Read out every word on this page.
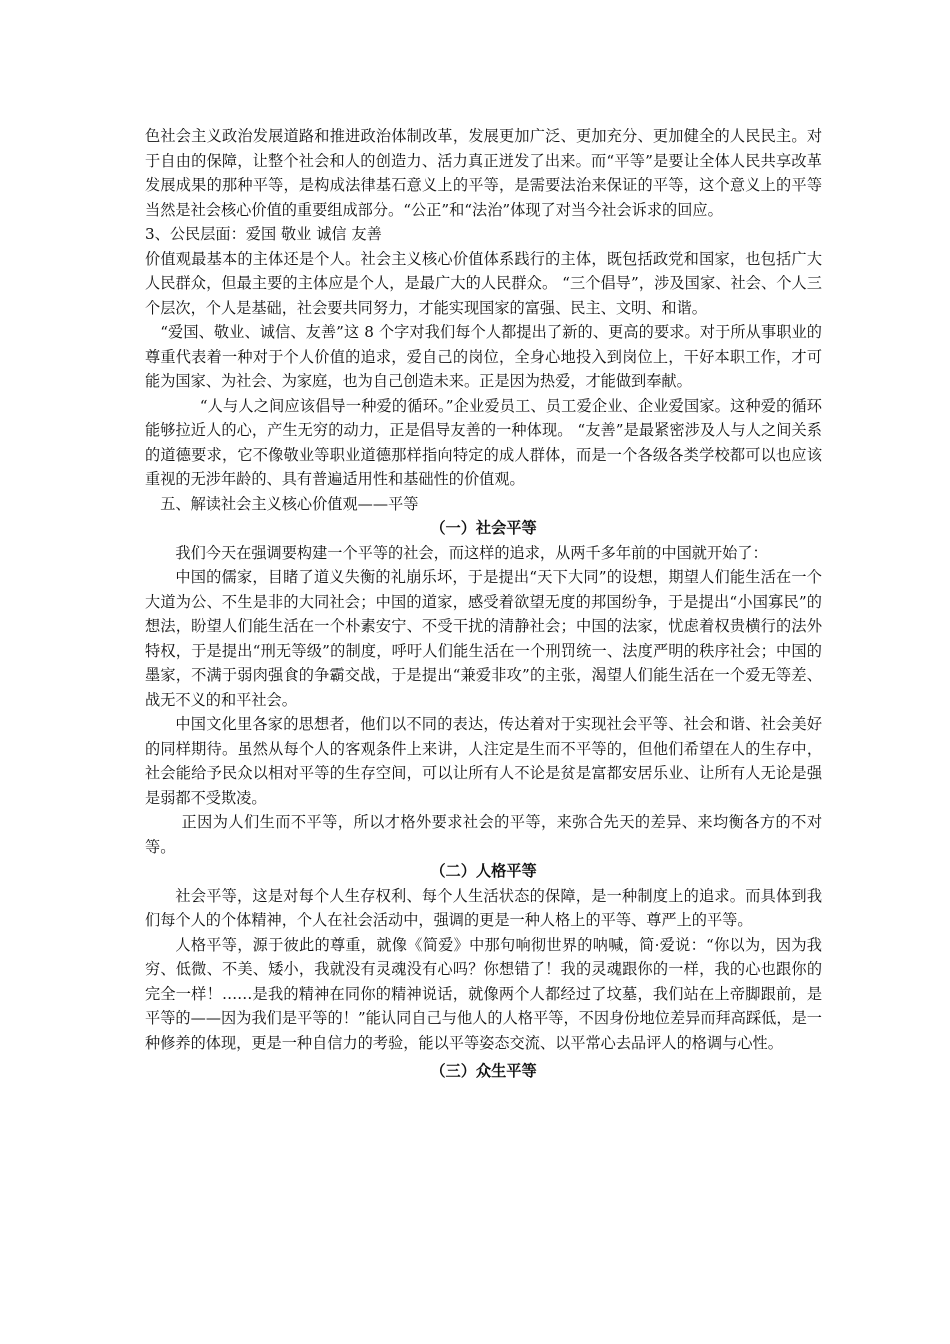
色社会主义政治发展道路和推进政治体制改革，发展更加广泛、更加充分、更加健全的人民民主。对于自由的保障，让整个社会和人的创造力、活力真正迸发了出来。而“平等”是要让全体人民共享改革发展成果的那种平等，是构成法律基石意义上的平等，是需要法治来保证的平等，这个意义上的平等当然是社会核心价值的重要组成部分。“公正”和“法治”体现了对当今社会诉求的回应。

3、公民层面：爱国 敬业 诚信 友善

价值观最基本的主体还是个人。社会主义核心价值体系践行的主体，既包括政党和国家，也包括广大人民群众，但最主要的主体应是个人，是最广大的人民群众。 “三个倡导”，涉及国家、社会、个人三个层次，个人是基础，社会要共同努力，才能实现国家的富强、民主、文明、和谐。

“爱国、敬业、诚信、友善”这 8 个字对我们每个人都提出了新的、更高的要求。对于所从事职业的尊重代表着一种对于个人价值的追求，爱自己的岗位，全身心地投入到岗位上，干好本职工作，才可能为国家、为社会、为家庭，也为自己创造未来。正是因为热爱，才能做到奉献。

“人与人之间应该倡导一种爱的循环。”企业爱员工、员工爱企业、企业爱国家。这种爱的循环能够拉近人的心，产生无穷的动力，正是倡导友善的一种体现。 “友善”是最紧密涉及人与人之间关系的道德要求，它不像敬业等职业道德那样指向特定的成人群体，而是一个各级各类学校都可以也应该重视的无涉年龄的、具有普遍适用性和基础性的价值观。

五、解读社会主义核心价值观——平等

（一）社会平等

我们今天在强调要构建一个平等的社会，而这样的追求，从两千多年前的中国就开始了：

中国的儒家，目睹了道义失衡的礼崩乐坏，于是提出“天下大同”的设想，期望人们能生活在一个大道为公、不生是非的大同社会；中国的道家，感受着欲望无度的邦国纷争，于是提出“小国寡民”的想法，盼望人们能生活在一个朴素安宁、不受干扰的清静社会；中国的法家，忧虑着权贵横行的法外特权，于是提出“刑无等级”的制度，呼吁人们能生活在一个刑罚统一、法度严明的秩序社会；中国的墨家，不满于弱肉强食的争霸交战，于是提出“兼爱非攻”的主张，渴望人们能生活在一个爱无等差、战无不义的和平社会。

中国文化里各家的思想者，他们以不同的表达，传达着对于实现社会平等、社会和谐、社会美好的同样期待。虽然从每个人的客观条件上来讲，人注定是生而不平等的，但他们希望在人的生存中，社会能给予民众以相对平等的生存空间，可以让所有人不论是贫是富都安居乐业、让所有人无论是强是弱都不受欺凌。

正因为人们生而不平等，所以才格外要求社会的平等，来弥合先天的差异、来均衡各方的不对等。

（二）人格平等

社会平等，这是对每个人生存权利、每个人生活状态的保障，是一种制度上的追求。而具体到我们每个人的个体精神，个人在社会活动中，强调的更是一种人格上的平等、尊严上的平等。

人格平等，源于彼此的尊重，就像《简爱》中那句响彻世界的呐喊，简·爱说：“你以为，因为我穷、低微、不美、矮小，我就没有灵魂没有心吗？你想错了！我的灵魂跟你的一样，我的心也跟你的完全一样！……是我的精神在同你的精神说话，就像两个人都经过了坟墓，我们站在上帝脚跟前，是平等的——因为我们是平等的！”能认同自己与他人的人格平等，不因身份地位差异而拜高踩低，是一种修养的体现，更是一种自信力的考验，能以平等姿态交流、以平常心去品评人的格调与心性。

（三）众生平等
